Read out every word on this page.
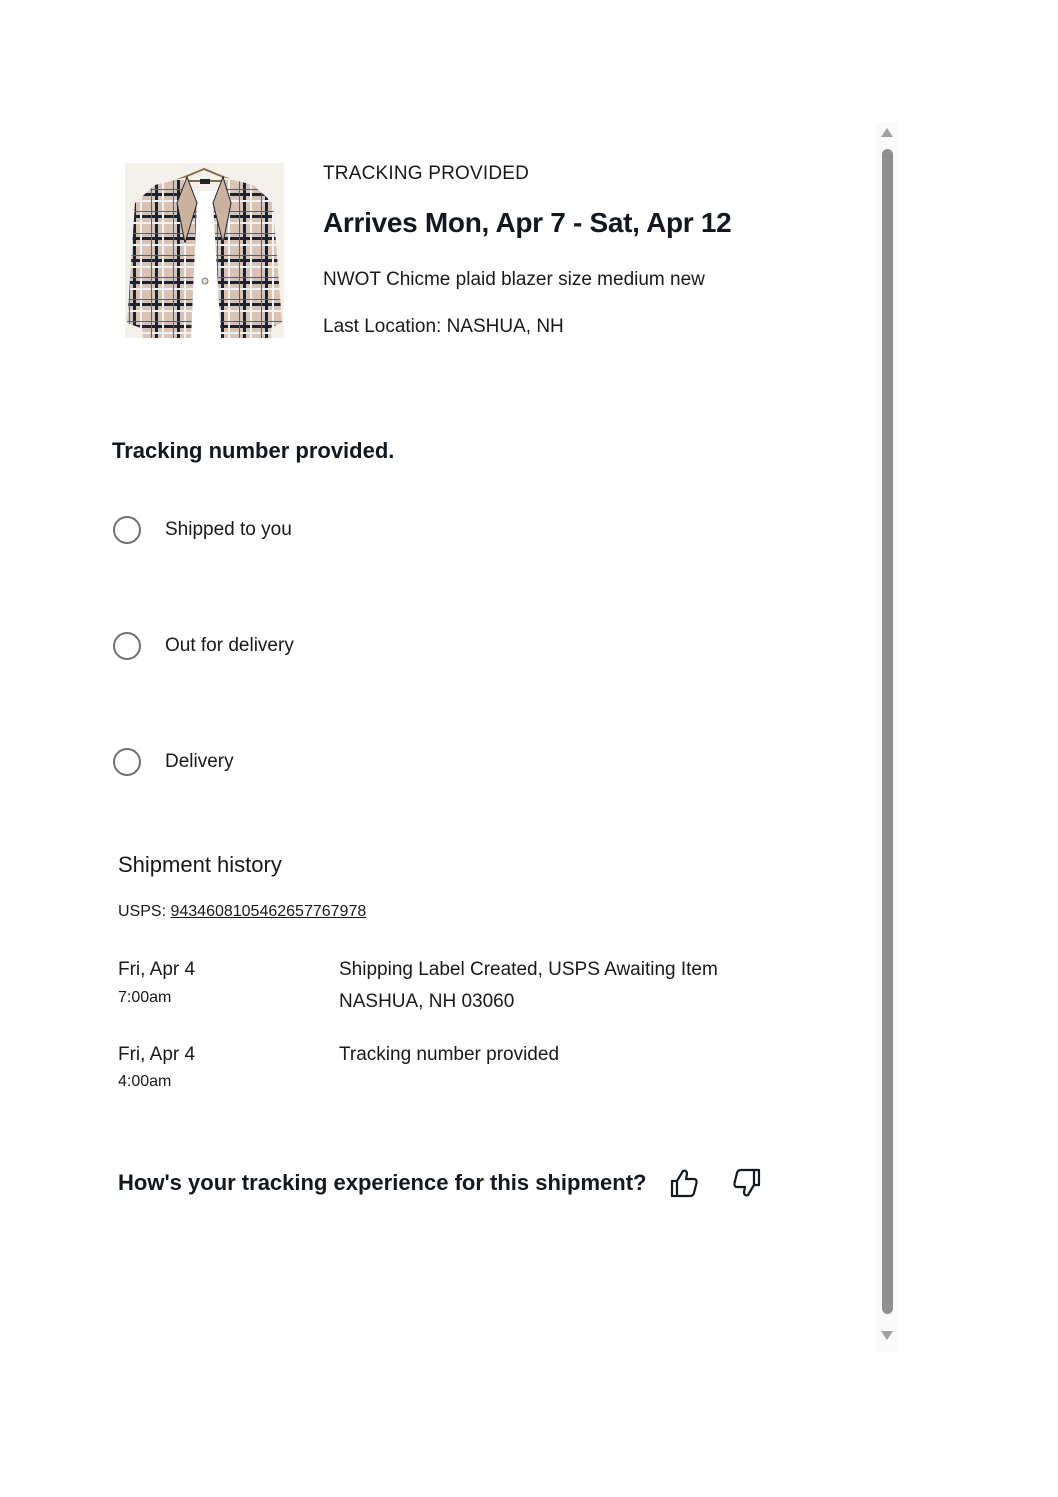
TRACKING PROVIDED
Arrives Mon, Apr 7 - Sat, Apr 12
NWOT Chicme plaid blazer size medium new
Last Location: NASHUA, NH
Tracking number provided.
Shipped to you
Out for delivery
Delivery
Shipment history
USPS: 9434608105462657767978
Fri, Apr 4
7:00am
Shipping Label Created, USPS Awaiting Item
NASHUA, NH 03060
Fri, Apr 4
4:00am
Tracking number provided
How's your tracking experience for this shipment?
